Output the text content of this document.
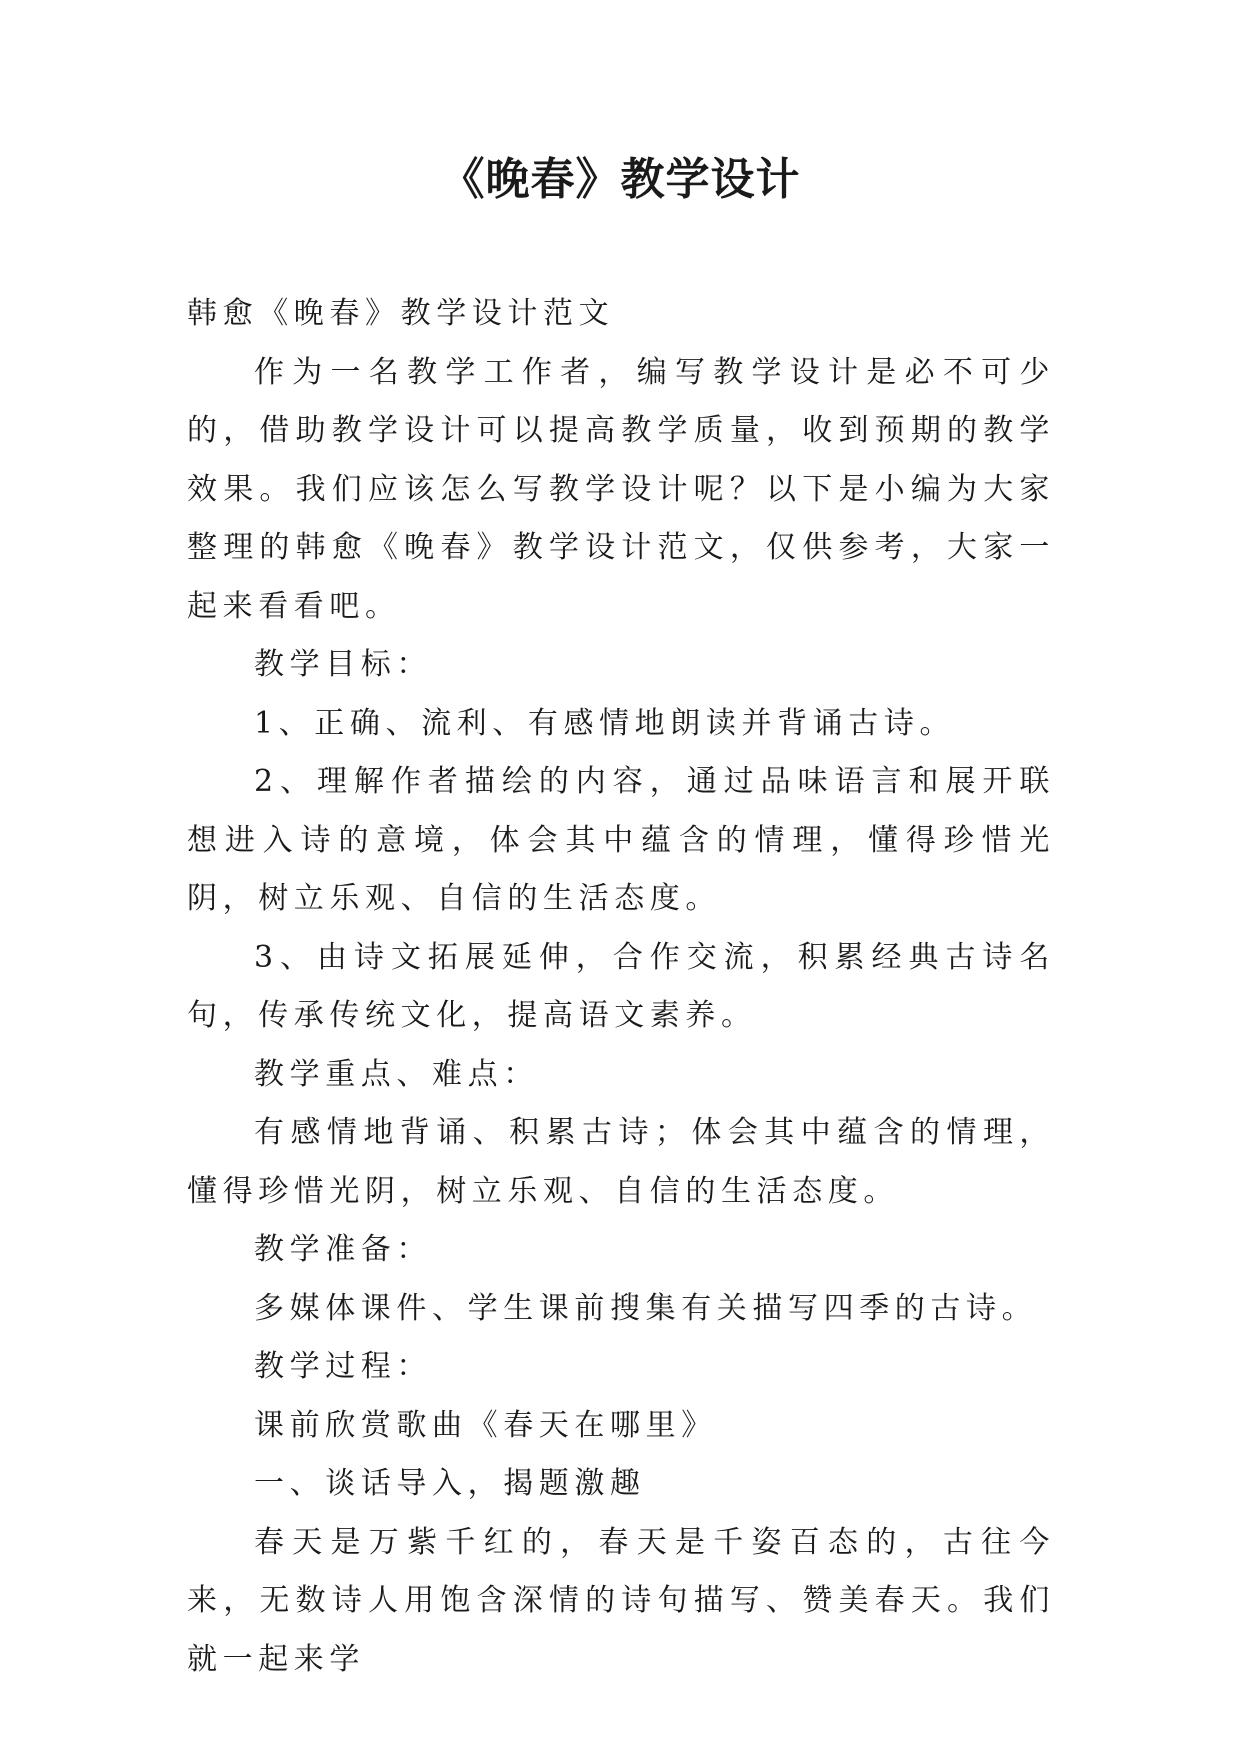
《晚春》教学设计

韩愈《晚春》教学设计范文

作为一名教学工作者，编写教学设计是必不可少的，借助教学设计可以提高教学质量，收到预期的教学效果。我们应该怎么写教学设计呢？以下是小编为大家整理的韩愈《晚春》教学设计范文，仅供参考，大家一起来看看吧。

教学目标：

1、正确、流利、有感情地朗读并背诵古诗。

2、理解作者描绘的内容，通过品味语言和展开联想进入诗的意境，体会其中蕴含的情理，懂得珍惜光阴，树立乐观、自信的生活态度。

3、由诗文拓展延伸，合作交流，积累经典古诗名句，传承传统文化，提高语文素养。

教学重点、难点：

有感情地背诵、积累古诗；体会其中蕴含的情理，懂得珍惜光阴，树立乐观、自信的生活态度。

教学准备：

多媒体课件、学生课前搜集有关描写四季的古诗。

教学过程：

课前欣赏歌曲《春天在哪里》

一、谈话导入，揭题激趣

春天是万紫千红的，春天是千姿百态的，古往今来，无数诗人用饱含深情的诗句描写、赞美春天。我们就一起来学
